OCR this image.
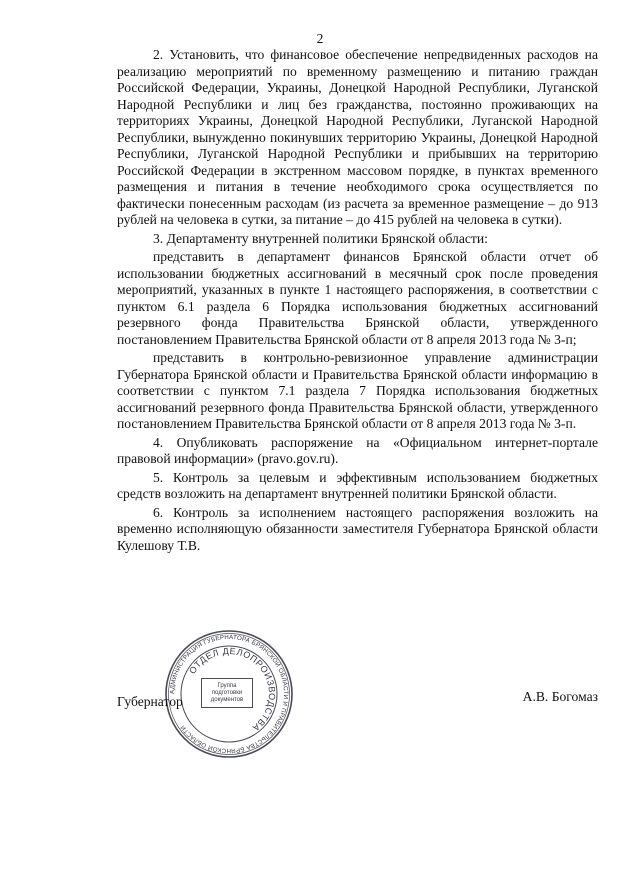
2

2. Установить, что финансовое обеспечение непредвиденных расходов на реализацию мероприятий по временному размещению и питанию граждан Российской Федерации, Украины, Донецкой Народной Республики, Луганской Народной Республики и лиц без гражданства, постоянно проживающих на территориях Украины, Донецкой Народной Республики, Луганской Народной Республики, вынужденно покинувших территорию Украины, Донецкой Народной Республики, Луганской Народной Республики и прибывших на территорию Российской Федерации в экстренном массовом порядке, в пунктах временного размещения и питания в течение необходимого срока осуществляется по фактически понесенным расходам (из расчета за временное размещение – до 913 рублей на человека в сутки, за питание – до 415 рублей на человека в сутки).

3. Департаменту внутренней политики Брянской области:

представить в департамент финансов Брянской области отчет об использовании бюджетных ассигнований в месячный срок после проведения мероприятий, указанных в пункте 1 настоящего распоряжения, в соответствии с пунктом 6.1 раздела 6 Порядка использования бюджетных ассигнований резервного фонда Правительства Брянской области, утвержденного постановлением Правительства Брянской области от 8 апреля 2013 года № 3-п;

представить в контрольно-ревизионное управление администрации Губернатора Брянской области и Правительства Брянской области информацию в соответствии с пунктом 7.1 раздела 7 Порядка использования бюджетных ассигнований резервного фонда Правительства Брянской области, утвержденного постановлением Правительства Брянской области от 8 апреля 2013 года № 3-п.

4. Опубликовать распоряжение на «Официальном интернет-портале правовой информации» (pravo.gov.ru).

5. Контроль за целевым и эффективным использованием бюджетных средств возложить на департамент внутренней политики Брянской области.

6. Контроль за исполнением настоящего распоряжения возложить на временно исполняющую обязанности заместителя Губернатора Брянской области Кулешову Т.В.

АДМИНИСТРАЦИЯ ГУБЕРНАТОРА БРЯНСКОЙ ОБЛАСТИ И ПРАВИТЕЛЬСТВА БРЯНСКОЙ ОБЛАСТИ
ОТДЕЛ ДЕЛОПРОИЗВОДСТВА
Группа
подготовки
документов
Губернатор	А.В. Богомаз
